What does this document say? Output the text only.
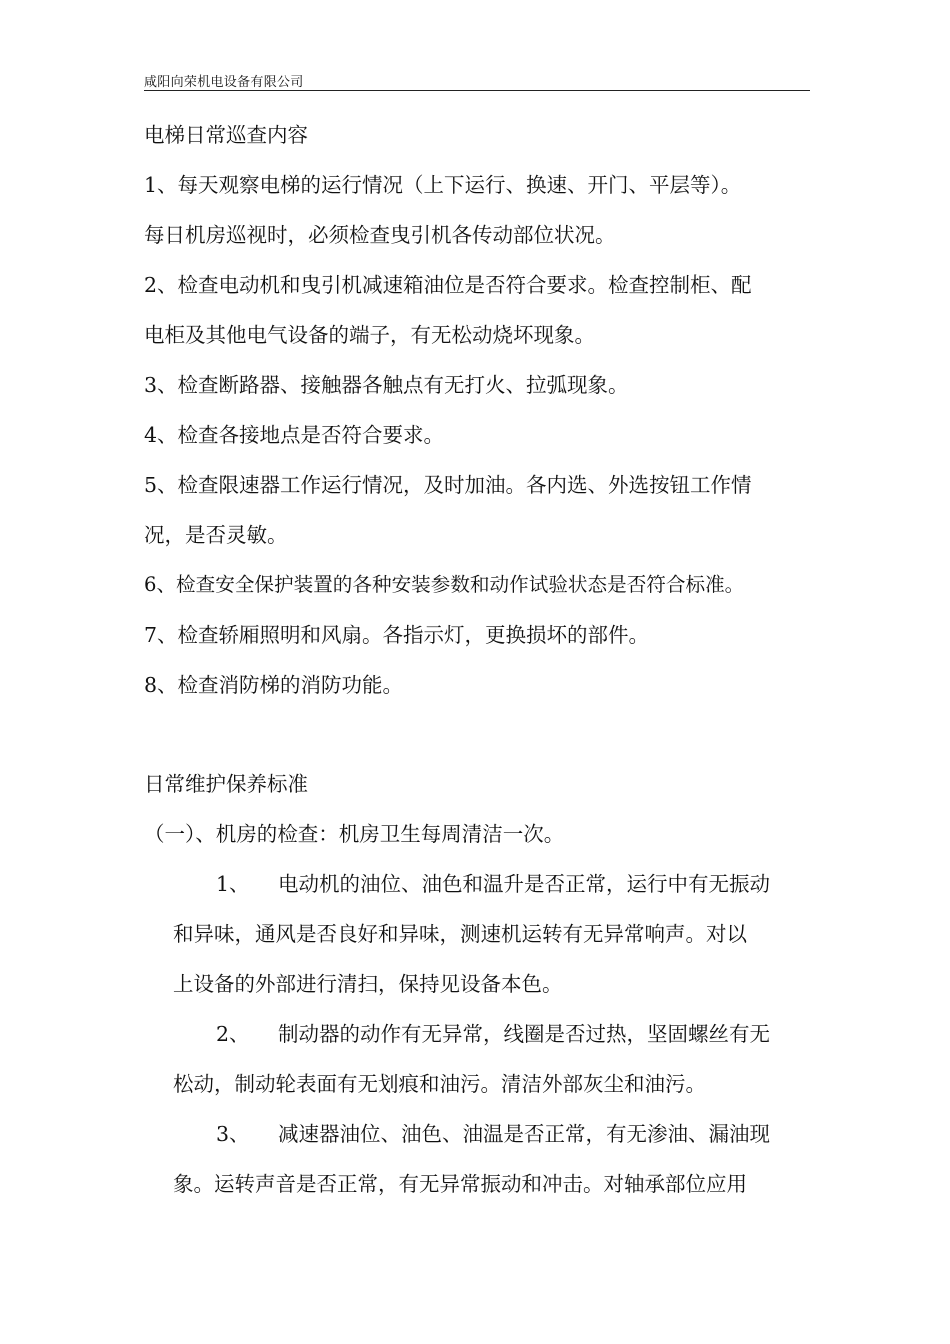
咸阳向荣机电设备有限公司
电梯日常巡查内容
1、每天观察电梯的运行情况（上下运行、换速、开门、平层等）。
每日机房巡视时，必须检查曳引机各传动部位状况。
2、检查电动机和曳引机减速箱油位是否符合要求。检查控制柜、配
电柜及其他电气设备的端子，有无松动烧坏现象。
3、检查断路器、接触器各触点有无打火、拉弧现象。
4、检查各接地点是否符合要求。
5、检查限速器工作运行情况，及时加油。各内选、外选按钮工作情
况，是否灵敏。
6、检查安全保护装置的各种安装参数和动作试验状态是否符合标准。
7、检查轿厢照明和风扇。各指示灯，更换损坏的部件。
8、检查消防梯的消防功能。
日常维护保养标准
（一）、机房的检查：机房卫生每周清洁一次。
1、 电动机的油位、油色和温升是否正常，运行中有无振动
和异味，通风是否良好和异味，测速机运转有无异常响声。对以
上设备的外部进行清扫，保持见设备本色。
2、 制动器的动作有无异常，线圈是否过热，坚固螺丝有无
松动，制动轮表面有无划痕和油污。清洁外部灰尘和油污。
3、 减速器油位、油色、油温是否正常，有无渗油、漏油现
象。运转声音是否正常，有无异常振动和冲击。对轴承部位应用
